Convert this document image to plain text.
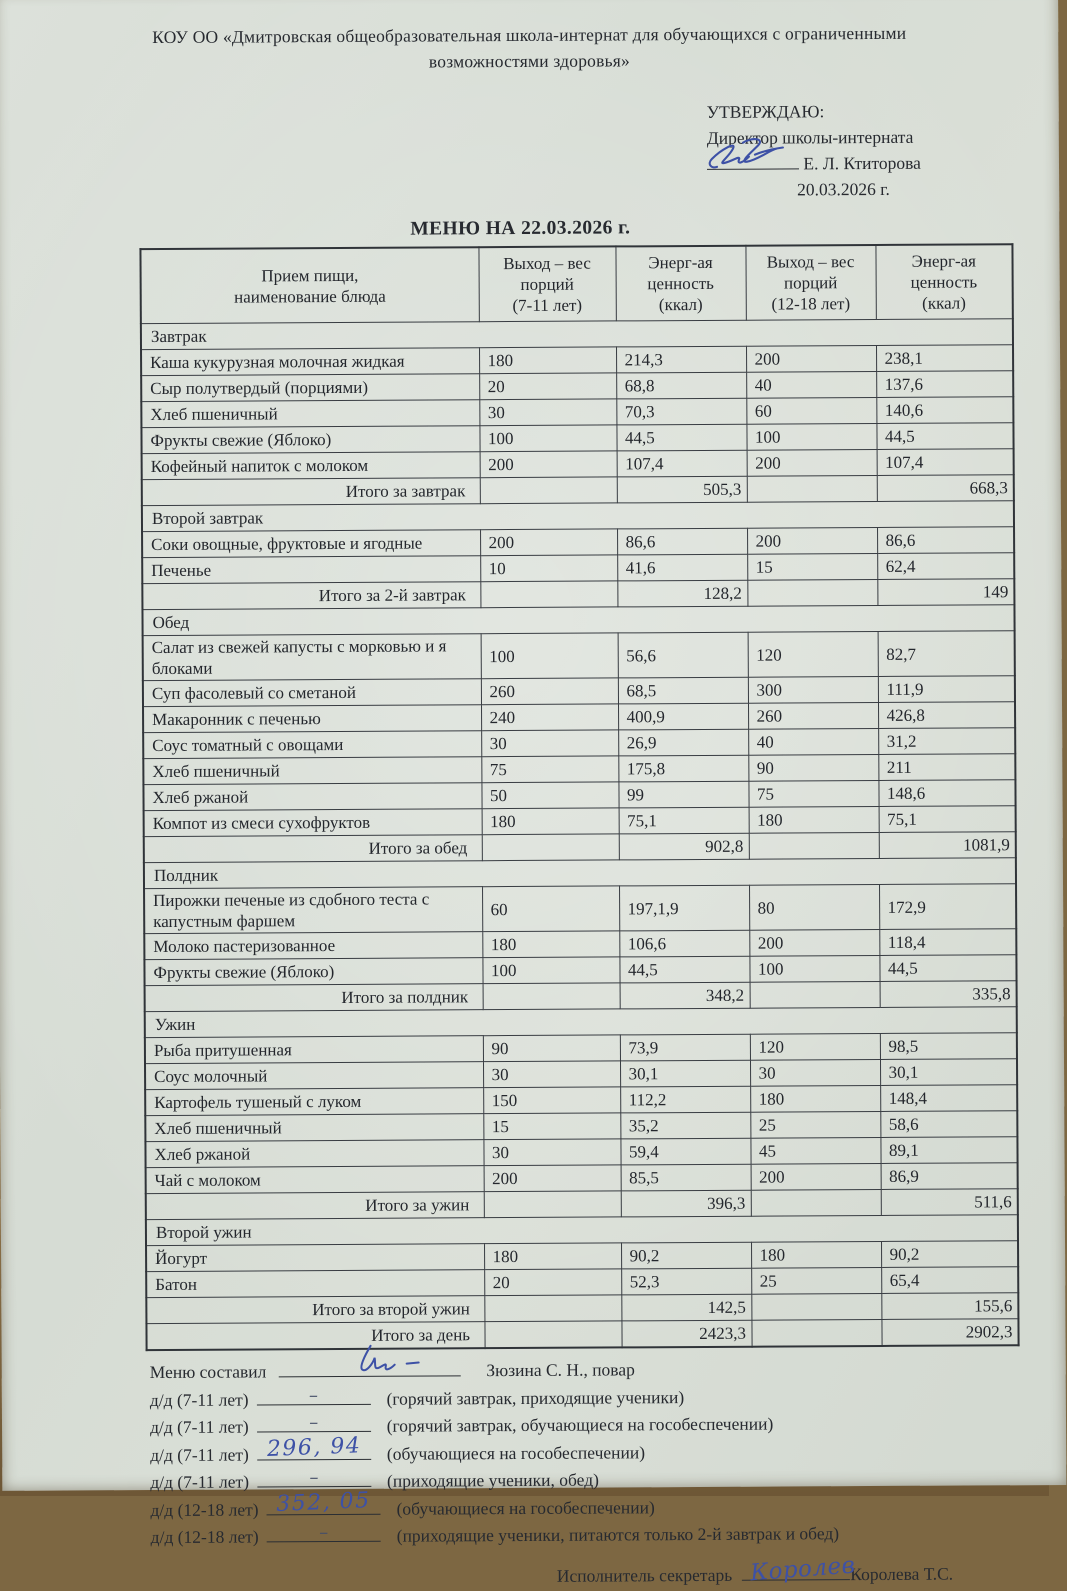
КОУ ОО «Дмитровская общеобразовательная школа-интернат для обучающихся с ограниченными
возможностями здоровья»
УТВЕРЖДАЮ:
Директор школы-интерната
Е. Л. Ктиторова
20.03.2026 г.
МЕНЮ НА 22.03.2026 г.
Прием пищи,
наименование блюда	Выход – вес
порций
(7-11 лет)	Энерг-ая
ценность
(ккал)	Выход – вес
порций
(12-18 лет)	Энерг-ая
ценность
(ккал)
Завтрак				
Каша кукурузная молочная жидкая	180	214,3	200	238,1
Сыр полутвердый (порциями)	20	68,8	40	137,6
Хлеб пшеничный	30	70,3	60	140,6
Фрукты свежие (Яблоко)	100	44,5	100	44,5
Кофейный напиток с молоком	200	107,4	200	107,4
Итого за завтрак		505,3		668,3
Второй завтрак				
Соки овощные, фруктовые и ягодные	200	86,6	200	86,6
Печенье	10	41,6	15	62,4
Итого за 2-й завтрак		128,2		149
Обед				
Салат из свежей капусты с морковью и я блоками	100	56,6	120	82,7
Суп фасолевый со сметаной	260	68,5	300	111,9
Макаронник с печенью	240	400,9	260	426,8
Соус томатный с овощами	30	26,9	40	31,2
Хлеб пшеничный	75	175,8	90	211
Хлеб ржаной	50	99	75	148,6
Компот из смеси сухофруктов	180	75,1	180	75,1
Итого за обед		902,8		1081,9
Полдник				
Пирожки печеные из сдобного теста с капустным фаршем	60	197,1,9	80	172,9
Молоко пастеризованное	180	106,6	200	118,4
Фрукты свежие (Яблоко)	100	44,5	100	44,5
Итого за полдник		348,2		335,8
Ужин				
Рыба притушенная	90	73,9	120	98,5
Соус молочный	30	30,1	30	30,1
Картофель тушеный с луком	150	112,2	180	148,4
Хлеб пшеничный	15	35,2	25	58,6
Хлеб ржаной	30	59,4	45	89,1
Чай с молоком	200	85,5	200	86,9
Итого за ужин		396,3		511,6
Второй ужин				
Йогурт	180	90,2	180	90,2
Батон	20	52,3	25	65,4
Итого за второй ужин		142,5		155,6
Итого за день		2423,3		2902,3
Меню составил	Зюзина С. Н., повар
д/д (7-11 лет)	–	(горячий завтрак, приходящие ученики)
д/д (7-11 лет)	–	(горячий завтрак, обучающиеся на гособеспечении)
д/д (7-11 лет) 296, 94	(обучающиеся на гособеспечении)
д/д (7-11 лет)	–	(приходящие ученики, обед)
д/д (12-18 лет) 352, 05	(обучающиеся на гособеспечении)
д/д (12-18 лет)	–	(приходящие ученики, питаются только 2-й завтрак и обед)
Исполнитель секретарь Королев
Королева Т.С.
